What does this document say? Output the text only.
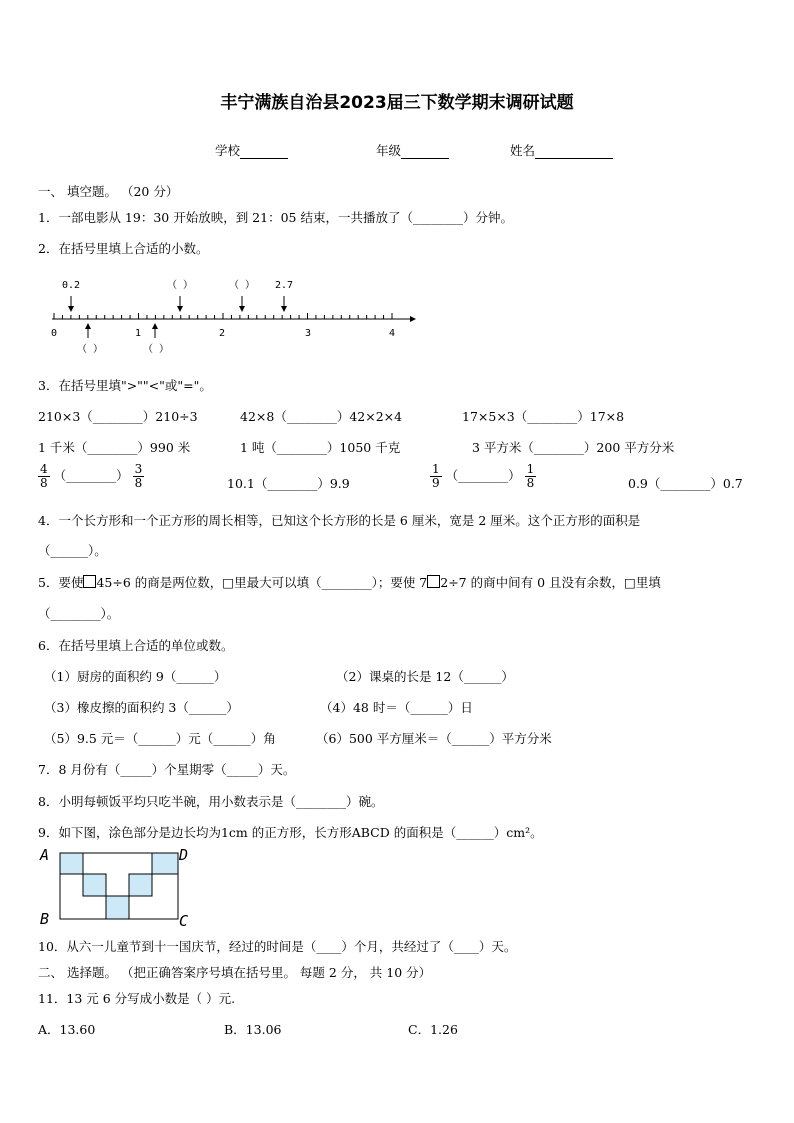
丰宁满族自治县2023届三下数学期末调研试题
学校	年级	姓名
一、 填空题。 （20 分）
1．一部电影从 19：30 开始放映，到 21：05 结束，一共播放了（________）分钟。
2．在括号里填上合适的小数。
0	1	2	3	4
0.2	（ ）	（ ） 2.7
（ ）	（ ）
3．在括号里填">""<"或"="。
210×3（________）210÷3	42×8（________）42×2×4	17×5×3（________）17×8
1 千米（________）990 米	1 吨（________）1050 千克	3 平方米（________）200 平方分米
$\frac{4}{8}$ （________） $\frac{3}{8}$	10.1（________）9.9	$\frac{1}{9}$ （________） $\frac{1}{8}$	0.9（________）0.7
4．一个长方形和一个正方形的周长相等，已知这个长方形的长是 6 厘米，宽是 2 厘米。这个正方形的面积是
（______）。
5．要使 45÷6 的商是两位数，□里最大可以填（________）；要使 7 2÷7 的商中间有 0 且没有余数，□里填
（________）。
6．在括号里填上合适的单位或数。
（1）厨房的面积约 9（______）	（2）课桌的长是 12（______）
（3）橡皮擦的面积约 3（______）	（4）48 时＝（______）日
（5）9.5 元＝（______）元（______）角	（6）500 平方厘米＝（______）平方分米
7．8 月份有（_____）个星期零（_____）天。
8．小明每顿饭平均只吃半碗，用小数表示是（________）碗。
9．如下图，涂色部分是边长均为1cm 的正方形，长方形ABCD 的面积是（______）cm²。
A
B	C
D
10．从六一儿童节到十一国庆节，经过的时间是（____）个月，共经过了（____）天。
二、 选择题。 （把正确答案序号填在括号里。 每题 2 分， 共 10 分）
11．13 元 6 分写成小数是（ ）元.
A．13.60	B．13.06	C．1.26
